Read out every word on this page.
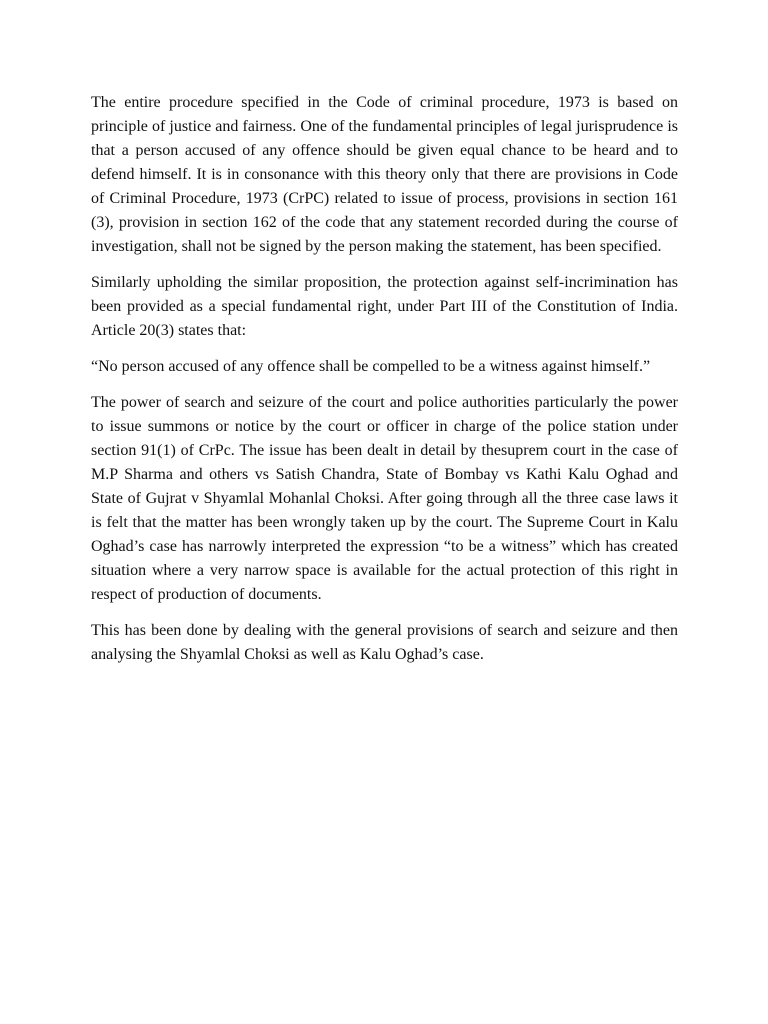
The entire procedure specified in the Code of criminal procedure, 1973 is based on principle of justice and fairness. One of the fundamental principles of legal jurisprudence is that a person accused of any offence should be given equal chance to be heard and to defend himself. It is in consonance with this theory only that there are provisions in Code of Criminal Procedure, 1973 (CrPC) related to issue of process, provisions in section 161 (3), provision in section 162 of the code that any statement recorded during the course of investigation, shall not be signed by the person making the statement, has been specified.

Similarly upholding the similar proposition, the protection against self-incrimination has been provided as a special fundamental right, under Part III of the Constitution of India. Article 20(3) states that:

“No person accused of any offence shall be compelled to be a witness against himself.”

The power of search and seizure of the court and police authorities particularly the power to issue summons or notice by the court or officer in charge of the police station under section 91(1) of CrPc. The issue has been dealt in detail by thesuprem court in the case of M.P Sharma and others vs Satish Chandra, State of Bombay vs Kathi Kalu Oghad and State of Gujrat v Shyamlal Mohanlal Choksi. After going through all the three case laws it is felt that the matter has been wrongly taken up by the court. The Supreme Court in Kalu Oghad’s case has narrowly interpreted the expression “to be a witness” which has created situation where a very narrow space is available for the actual protection of this right in respect of production of documents.

This has been done by dealing with the general provisions of search and seizure and then analysing the Shyamlal Choksi as well as Kalu Oghad’s case.
